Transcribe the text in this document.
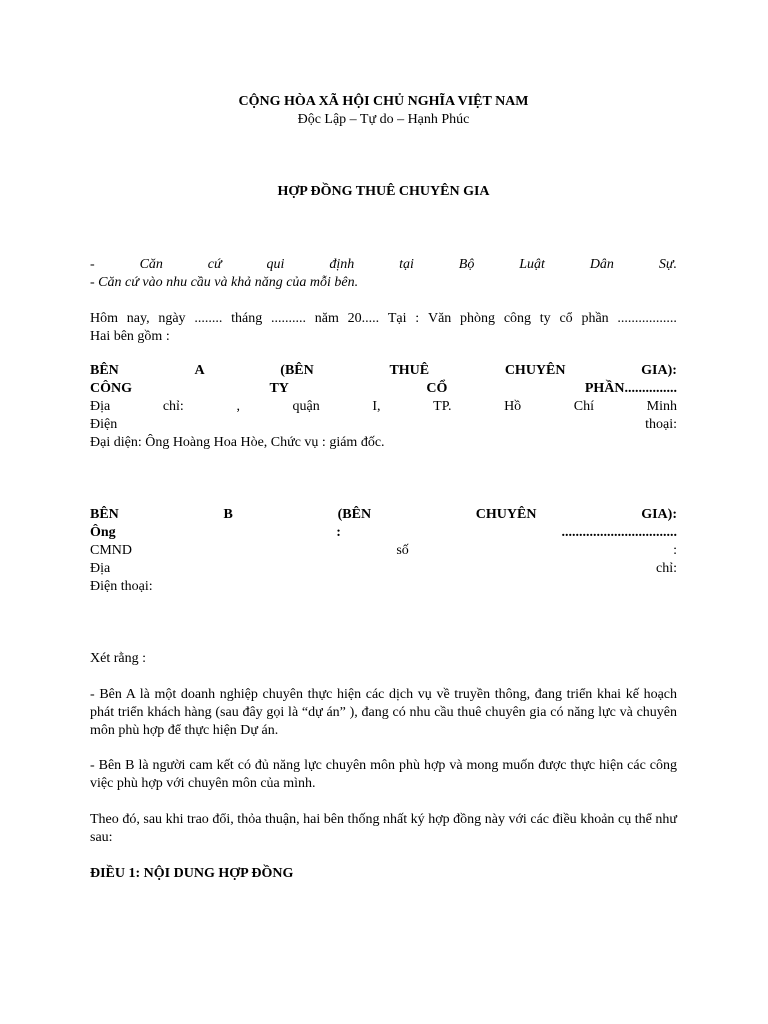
CỘNG HÒA XÃ HỘI CHỦ NGHĨA VIỆT NAM
Độc Lập – Tự do – Hạnh Phúc
HỢP ĐỒNG THUÊ CHUYÊN GIA
-	Căn	cứ	qui	định	tại	Bộ	Luật	Dân	Sự.
- Căn cứ vào nhu cầu và khả năng của mỗi bên.
Hôm nay, ngày ........ tháng .......... năm 20..... Tại : Văn phòng công ty cổ phần .................
Hai bên gồm :
BÊN	A	(BÊN	THUÊ	CHUYÊN	GIA):
CÔNG	TY	CỔ	PHẦN...............
Địa	chỉ:	,	quận	I,	TP.	Hồ	Chí	Minh
Điện	thoại:
Đại diện: Ông Hoàng Hoa Hòe, Chức vụ : giám đốc.
BÊN	B	(BÊN	CHUYÊN	GIA):
Ông	:	.................................
CMND	số	:
Địa	chỉ:
Điện thoại:
Xét rằng :
- Bên A là một doanh nghiệp chuyên thực hiện các dịch vụ về truyền thông, đang triển khai kế hoạch phát triển khách hàng (sau đây gọi là “dự án” ), đang có nhu cầu thuê chuyên gia có năng lực và chuyên môn phù hợp để thực hiện Dự án.
- Bên B là người cam kết có đủ năng lực chuyên môn phù hợp và mong muốn được thực hiện các công việc phù hợp với chuyên môn của mình.
Theo đó, sau khi trao đổi, thỏa thuận, hai bên thống nhất ký hợp đồng này với các điều khoản cụ thể như sau:
ĐIỀU 1: NỘI DUNG HỢP ĐỒNG
